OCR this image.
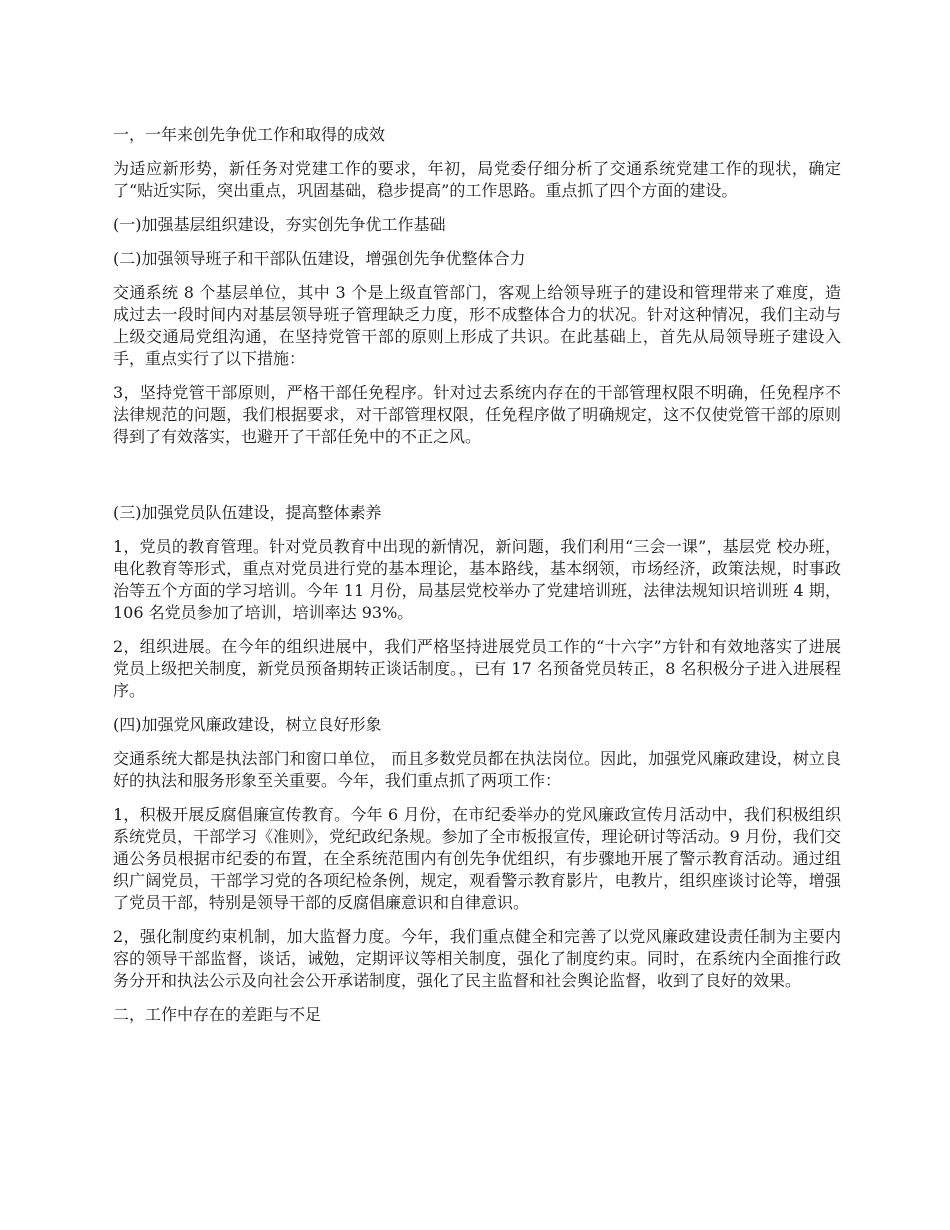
一，一年来创先争优工作和取得的成效

为适应新形势，新任务对党建工作的要求，年初，局党委仔细分析了交通系统党建工作的现状，确定了“贴近实际，突出重点，巩固基础，稳步提高”的工作思路。重点抓了四个方面的建设。

(一)加强基层组织建设，夯实创先争优工作基础

(二)加强领导班子和干部队伍建设，增强创先争优整体合力

交通系统 8 个基层单位，其中 3 个是上级直管部门，客观上给领导班子的建设和管理带来了难度，造成过去一段时间内对基层领导班子管理缺乏力度，形不成整体合力的状况。针对这种情况，我们主动与上级交通局党组沟通，在坚持党管干部的原则上形成了共识。在此基础上，首先从局领导班子建设入手，重点实行了以下措施：

3，坚持党管干部原则，严格干部任免程序。针对过去系统内存在的干部管理权限不明确，任免程序不法律规范的问题，我们根据要求，对干部管理权限，任免程序做了明确规定，这不仅使党管干部的原则得到了有效落实，也避开了干部任免中的不正之风。

(三)加强党员队伍建设，提高整体素养

1，党员的教育管理。针对党员教育中出现的新情况，新问题，我们利用“三会一课”，基层党 校办班，电化教育等形式，重点对党员进行党的基本理论，基本路线，基本纲领，市场经济，政策法规，时事政治等五个方面的学习培训。今年 11 月份，局基层党校举办了党建培训班，法律法规知识培训班 4 期，106 名党员参加了培训，培训率达 93%。

2，组织进展。在今年的组织进展中，我们严格坚持进展党员工作的“十六字”方针和有效地落实了进展党员上级把关制度，新党员预备期转正谈话制度。，已有 17 名预备党员转正，8 名积极分子进入进展程序。

(四)加强党风廉政建设，树立良好形象

交通系统大都是执法部门和窗口单位， 而且多数党员都在执法岗位。因此，加强党风廉政建设，树立良好的执法和服务形象至关重要。今年，我们重点抓了两项工作：

1，积极开展反腐倡廉宣传教育。今年 6 月份，在市纪委举办的党风廉政宣传月活动中，我们积极组织系统党员，干部学习《准则》，党纪政纪条规。参加了全市板报宣传，理论研讨等活动。9 月份，我们交通公务员根据市纪委的布置，在全系统范围内有创先争优组织，有步骤地开展了警示教育活动。通过组织广阔党员，干部学习党的各项纪检条例，规定，观看警示教育影片，电教片，组织座谈讨论等，增强了党员干部，特别是领导干部的反腐倡廉意识和自律意识。

2，强化制度约束机制，加大监督力度。今年，我们重点健全和完善了以党风廉政建设责任制为主要内容的领导干部监督，谈话，诫勉，定期评议等相关制度，强化了制度约束。同时，在系统内全面推行政务分开和执法公示及向社会公开承诺制度，强化了民主监督和社会舆论监督，收到了良好的效果。

二，工作中存在的差距与不足
